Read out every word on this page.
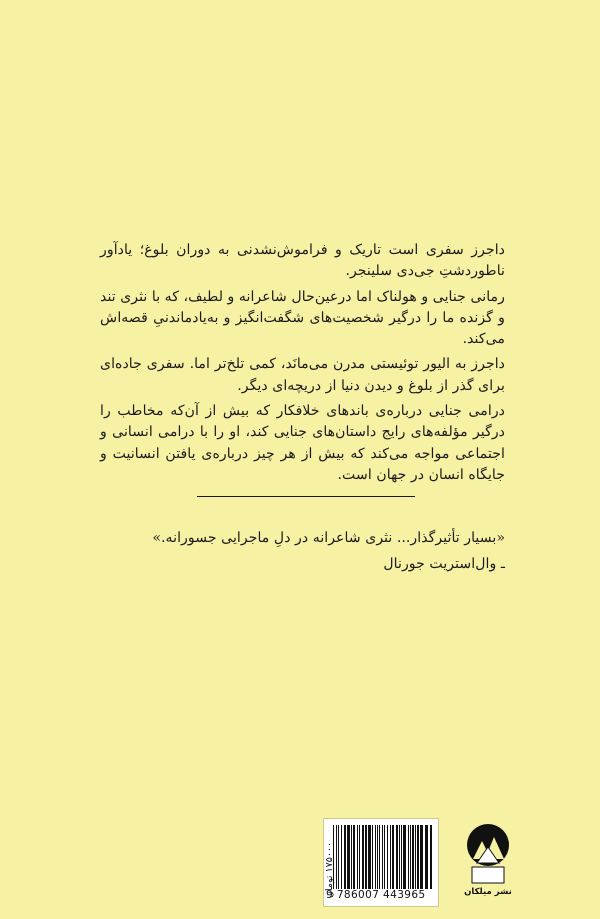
داجرز سفری است تاریک و فراموش‌نشدنی به دوران بلوغ؛ یادآور ناطوردشتِ جی‌دی سلینجر.

رمانی جنایی و هولناک اما درعین‌حال شاعرانه و لطیف، که با نثری تند و گزنده ما را درگیر شخصیت‌های شگفت‌انگیز و به‌یادماندنیِ قصه‌اش می‌کند.

داجرز به الیور توئیستی مدرن می‌مانَد، کمی تلخ‌تر اما. سفری جاده‌ای برای گذر از بلوغ و دیدن دنیا از دریچه‌ای دیگر.

درامی جنایی درباره‌ی باندهای خلافکار که بیش از آن‌که مخاطب را درگیر مؤلفه‌های رایج داستان‌های جنایی کند، او را با درامی انسانی و اجتماعی مواجه می‌کند که بیش از هر چیز درباره‌ی یافتن انسانیت و جایگاه انسان در جهان است.

«بسیار تأثیرگذار... نثری شاعرانه در دلِ ماجرایی جسورانه.»
ـ وال‌استریت جورنال
9 786007 443965
۱۷۵۰۰۰ تومان
نشر میلکان
